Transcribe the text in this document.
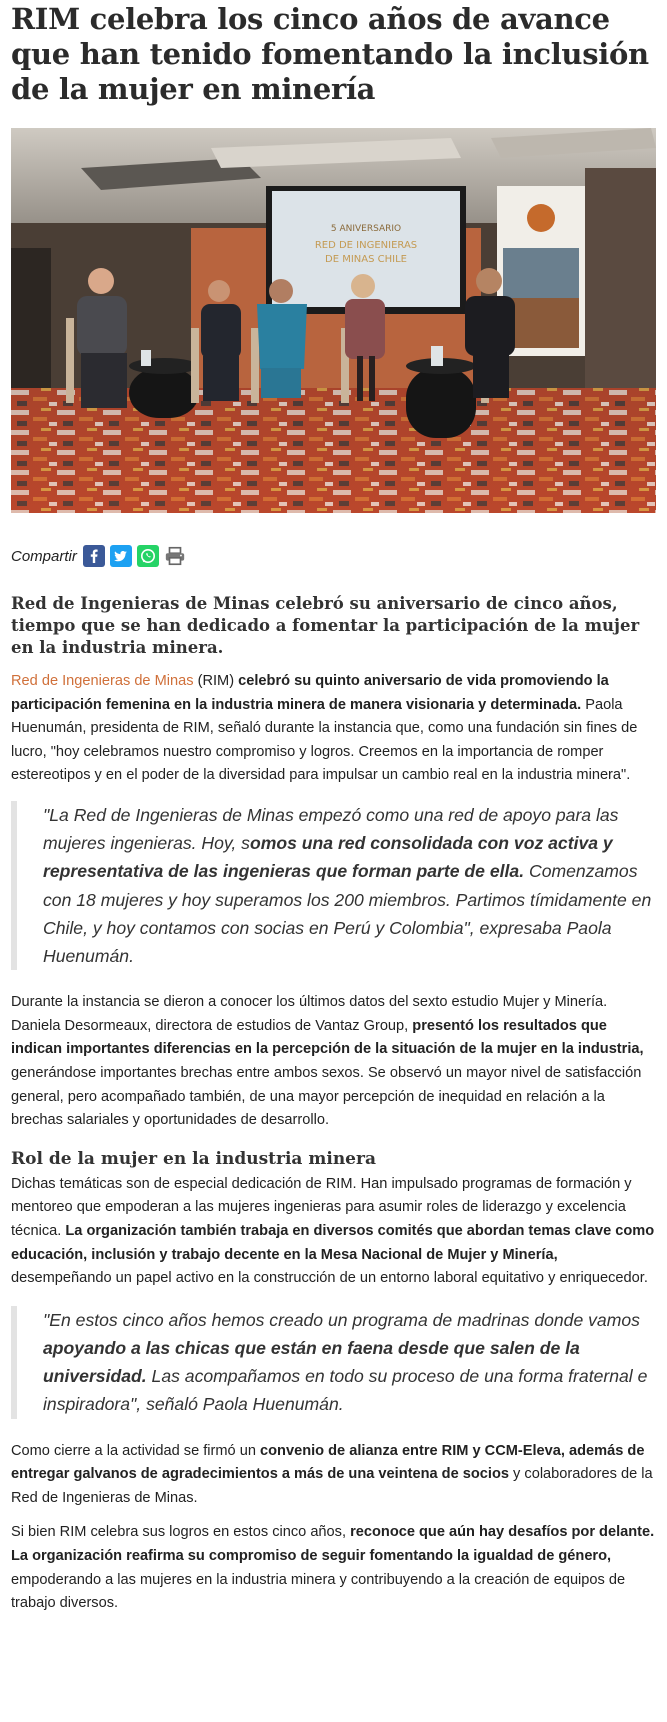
RIM celebra los cinco años de avance que han tenido fomentando la inclusión de la mujer en minería
5 ANIVERSARIO
RED DE INGENIERAS
DE MINAS CHILE
Compartir

Red de Ingenieras de Minas celebró su aniversario de cinco años, tiempo que se han dedicado a fomentar la participación de la mujer en la industria minera.

Red de Ingenieras de Minas (RIM) celebró su quinto aniversario de vida promoviendo la participación femenina en la industria minera de manera visionaria y determinada. Paola Huenumán, presidenta de RIM, señaló durante la instancia que, como una fundación sin fines de lucro, "hoy celebramos nuestro compromiso y logros. Creemos en la importancia de romper estereotipos y en el poder de la diversidad para impulsar un cambio real en la industria minera".

"La Red de Ingenieras de Minas empezó como una red de apoyo para las mujeres ingenieras. Hoy, somos una red consolidada con voz activa y representativa de las ingenieras que forman parte de ella. Comenzamos con 18 mujeres y hoy superamos los 200 miembros. Partimos tímidamente en Chile, y hoy contamos con socias en Perú y Colombia", expresaba Paola Huenumán.

Durante la instancia se dieron a conocer los últimos datos del sexto estudio Mujer y Minería. Daniela Desormeaux, directora de estudios de Vantaz Group, presentó los resultados que indican importantes diferencias en la percepción de la situación de la mujer en la industria, generándose importantes brechas entre ambos sexos. Se observó un mayor nivel de satisfacción general, pero acompañado también, de una mayor percepción de inequidad en relación a la brechas salariales y oportunidades de desarrollo.

Rol de la mujer en la industria minera

Dichas temáticas son de especial dedicación de RIM. Han impulsado programas de formación y mentoreo que empoderan a las mujeres ingenieras para asumir roles de liderazgo y excelencia técnica. La organización también trabaja en diversos comités que abordan temas clave como educación, inclusión y trabajo decente en la Mesa Nacional de Mujer y Minería, desempeñando un papel activo en la construcción de un entorno laboral equitativo y enriquecedor.

"En estos cinco años hemos creado un programa de madrinas donde vamos apoyando a las chicas que están en faena desde que salen de la universidad. Las acompañamos en todo su proceso de una forma fraternal e inspiradora", señaló Paola Huenumán.

Como cierre a la actividad se firmó un convenio de alianza entre RIM y CCM-Eleva, además de entregar galvanos de agradecimientos a más de una veintena de socios y colaboradores de la Red de Ingenieras de Minas.

Si bien RIM celebra sus logros en estos cinco años, reconoce que aún hay desafíos por delante. La organización reafirma su compromiso de seguir fomentando la igualdad de género, empoderando a las mujeres en la industria minera y contribuyendo a la creación de equipos de trabajo diversos.
